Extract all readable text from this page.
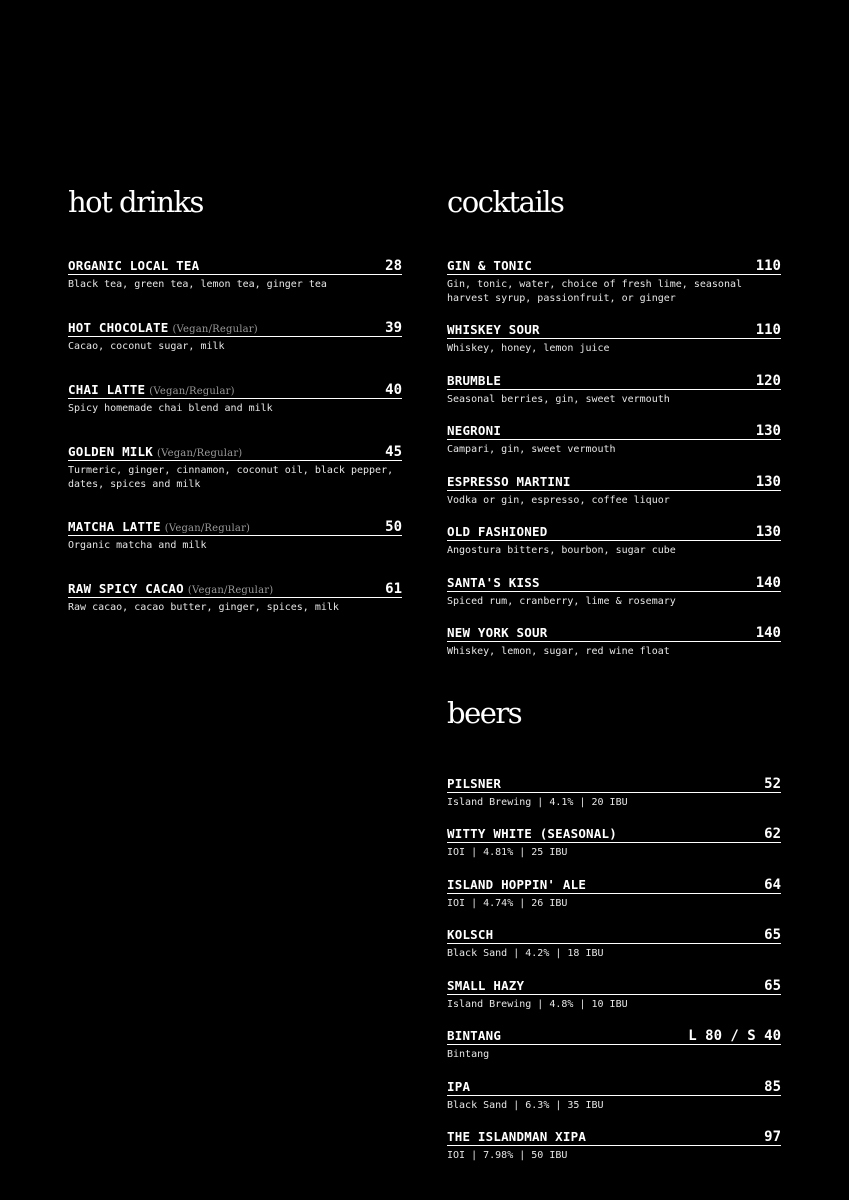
hot drinks
ORGANIC LOCAL TEA	28
Black tea, green tea, lemon tea, ginger tea
HOT CHOCOLATE (Vegan/Regular)	39
Cacao, coconut sugar, milk
CHAI LATTE (Vegan/Regular)	40
Spicy homemade chai blend and milk
GOLDEN MILK (Vegan/Regular)	45
Turmeric, ginger, cinnamon, coconut oil, black pepper,
dates, spices and milk
MATCHA LATTE (Vegan/Regular)	50
Organic matcha and milk
RAW SPICY CACAO (Vegan/Regular)	61
Raw cacao, cacao butter, ginger, spices, milk
cocktails
GIN & TONIC	110
Gin, tonic, water, choice of fresh lime, seasonal
harvest syrup, passionfruit, or ginger
WHISKEY SOUR	110
Whiskey, honey, lemon juice
BRUMBLE	120
Seasonal berries, gin, sweet vermouth
NEGRONI	130
Campari, gin, sweet vermouth
ESPRESSO MARTINI	130
Vodka or gin, espresso, coffee liquor
OLD FASHIONED	130
Angostura bitters, bourbon, sugar cube
SANTA'S KISS	140
Spiced rum, cranberry, lime & rosemary
NEW YORK SOUR	140
Whiskey, lemon, sugar, red wine float
beers
PILSNER	52
Island Brewing | 4.1% | 20 IBU
WITTY WHITE (SEASONAL)	62
IOI | 4.81% | 25 IBU
ISLAND HOPPIN' ALE	64
IOI | 4.74% | 26 IBU
KOLSCH	65
Black Sand | 4.2% | 18 IBU
SMALL HAZY	65
Island Brewing | 4.8% | 10 IBU
BINTANG	L 80 / S 40
Bintang
IPA	85
Black Sand | 6.3% | 35 IBU
THE ISLANDMAN XIPA	97
IOI | 7.98% | 50 IBU
